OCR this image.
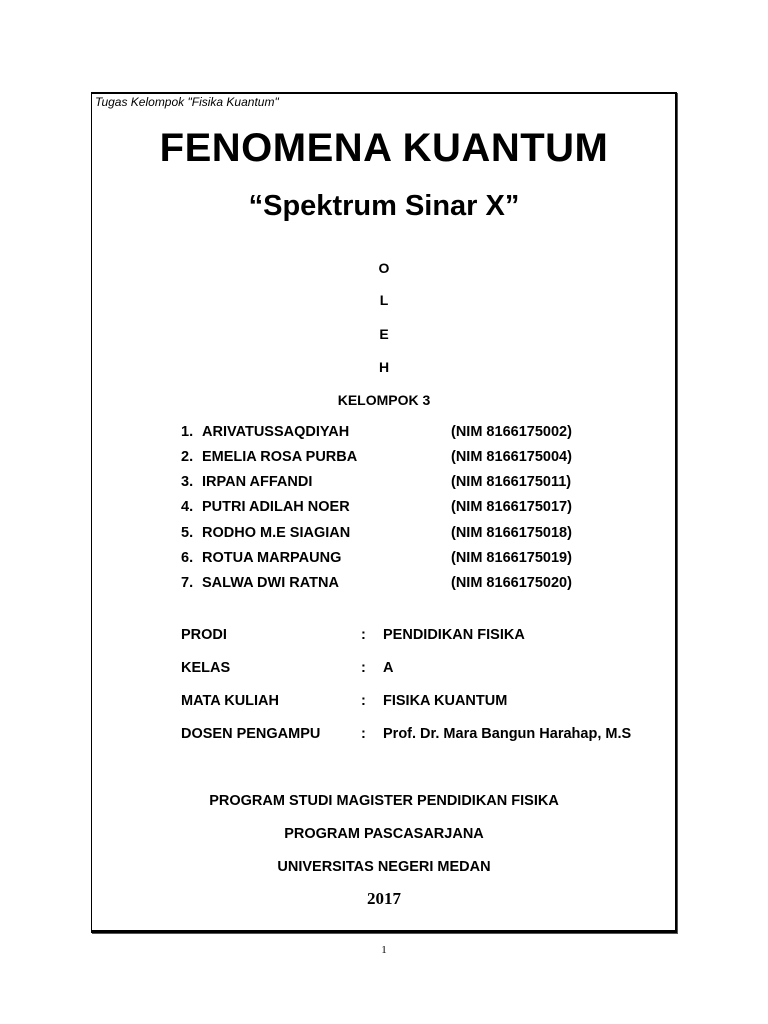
Tugas Kelompok "Fisika Kuantum"
FENOMENA KUANTUM
“Spektrum Sinar X”
O
L
E
H
KELOMPOK 3
1. ARIVATUSSAQDIYAH	(NIM 8166175002)
2. EMELIA ROSA PURBA	(NIM 8166175004)
3. IRPAN AFFANDI	(NIM 8166175011)
4. PUTRI ADILAH NOER	(NIM 8166175017)
5. RODHO M.E SIAGIAN	(NIM 8166175018)
6. ROTUA MARPAUNG	(NIM 8166175019)
7. SALWA DWI RATNA	(NIM 8166175020)
PRODI	: PENDIDIKAN FISIKA
KELAS	: A
MATA KULIAH	: FISIKA KUANTUM
DOSEN PENGAMPU	: Prof. Dr. Mara Bangun Harahap, M.S
PROGRAM STUDI MAGISTER PENDIDIKAN FISIKA
PROGRAM PASCASARJANA
UNIVERSITAS NEGERI MEDAN
2017
1
